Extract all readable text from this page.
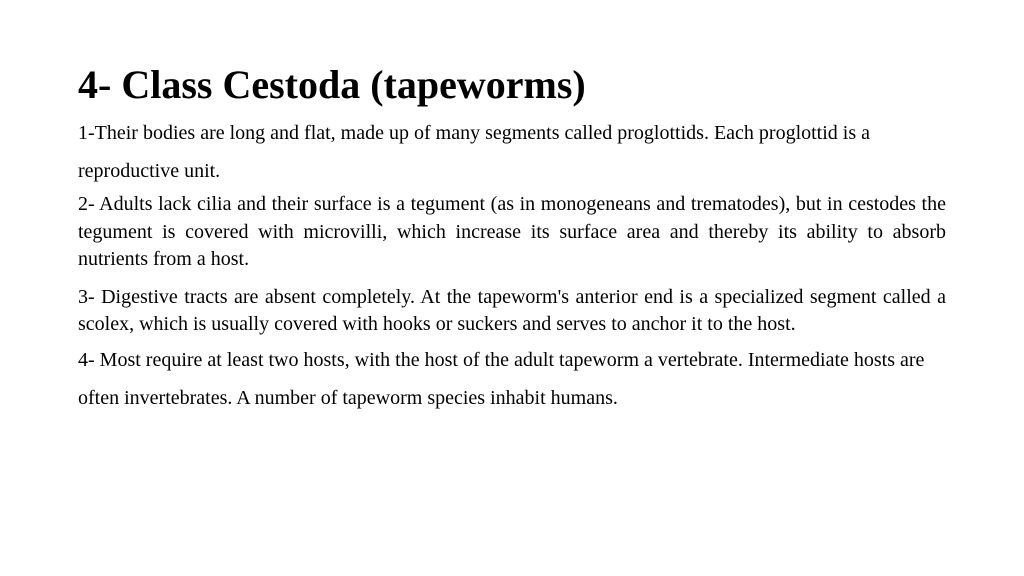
4- Class Cestoda (tapeworms)

1-Their bodies are long and flat, made up of many segments called proglottids. Each proglottid is a reproductive unit.

2- Adults lack cilia and their surface is a tegument (as in monogeneans and trematodes), but in cestodes the tegument is covered with microvilli, which increase its surface area and thereby its ability to absorb nutrients from a host.

3- Digestive tracts are absent completely. At the tapeworm's anterior end is a specialized segment called a scolex, which is usually covered with hooks or suckers and serves to anchor it to the host.

4- Most require at least two hosts, with the host of the adult tapeworm a vertebrate. Intermediate hosts are often invertebrates. A number of tapeworm species inhabit humans.
